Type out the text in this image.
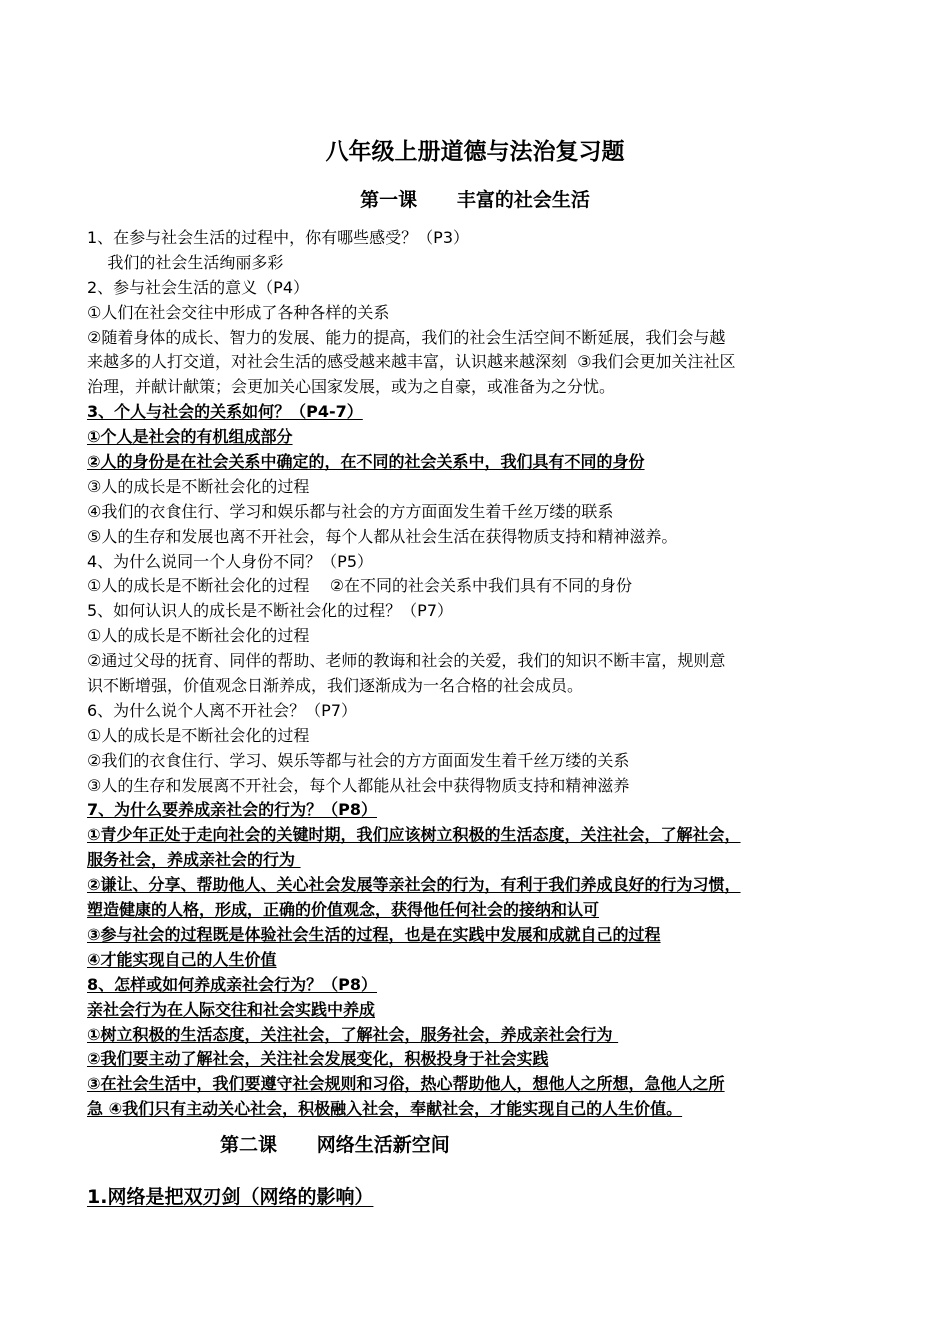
八年级上册道德与法治复习题
第一课      丰富的社会生活
1、在参与社会生活的过程中，你有哪些感受？（P3）
我们的社会生活绚丽多彩
2、参与社会生活的意义（P4）
①人们在社会交往中形成了各种各样的关系
②随着身体的成长、智力的发展、能力的提高，我们的社会生活空间不断延展，我们会与越
来越多的人打交道，对社会生活的感受越来越丰富，认识越来越深刻  ③我们会更加关注社区
治理，并献计献策；会更加关心国家发展，或为之自豪，或准备为之分忧。
3、个人与社会的关系如何？（P4-7）
①个人是社会的有机组成部分
②人的身份是在社会关系中确定的，在不同的社会关系中，我们具有不同的身份
③人的成长是不断社会化的过程
④我们的衣食住行、学习和娱乐都与社会的方方面面发生着千丝万缕的联系
⑤人的生存和发展也离不开社会，每个人都从社会生活在获得物质支持和精神滋养。
4、为什么说同一个人身份不同？（P5）
①人的成长是不断社会化的过程    ②在不同的社会关系中我们具有不同的身份
5、如何认识人的成长是不断社会化的过程？（P7）
①人的成长是不断社会化的过程
②通过父母的抚育、同伴的帮助、老师的教诲和社会的关爱，我们的知识不断丰富，规则意
识不断增强，价值观念日渐养成，我们逐渐成为一名合格的社会成员。
6、为什么说个人离不开社会？（P7）
①人的成长是不断社会化的过程
②我们的衣食住行、学习、娱乐等都与社会的方方面面发生着千丝万缕的关系
③人的生存和发展离不开社会，每个人都能从社会中获得物质支持和精神滋养
7、为什么要养成亲社会的行为？（P8）
①青少年正处于走向社会的关键时期，我们应该树立积极的生活态度，关注社会，了解社会，
服务社会，养成亲社会的行为
②谦让、分享、帮助他人、关心社会发展等亲社会的行为，有利于我们养成良好的行为习惯，
塑造健康的人格，形成，正确的价值观念，获得他任何社会的接纳和认可
③参与社会的过程既是体验社会生活的过程，也是在实践中发展和成就自己的过程
④才能实现自己的人生价值
8、怎样或如何养成亲社会行为？（P8）
亲社会行为在人际交往和社会实践中养成
①树立积极的生活态度，关注社会，了解社会，服务社会，养成亲社会行为
②我们要主动了解社会，关注社会发展变化，积极投身于社会实践
③在社会生活中，我们要遵守社会规则和习俗，热心帮助他人，想他人之所想，急他人之所
急 ④我们只有主动关心社会，积极融入社会，奉献社会，才能实现自己的人生价值。
第二课      网络生活新空间
1.网络是把双刃剑（网络的影响）
